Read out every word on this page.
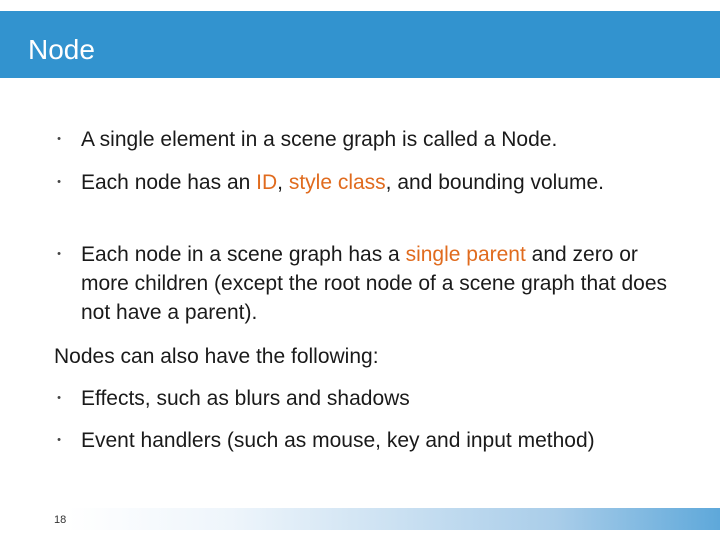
Node
• A single element in a scene graph is called a Node.

• Each node has an ID, style class, and bounding volume.

• Each node in a scene graph has a single parent and zero or more children (except the root node of a scene graph that does not have a parent).

Nodes can also have the following:
• Effects, such as blurs and shadows

• Event handlers (such as mouse, key and input method)

18
